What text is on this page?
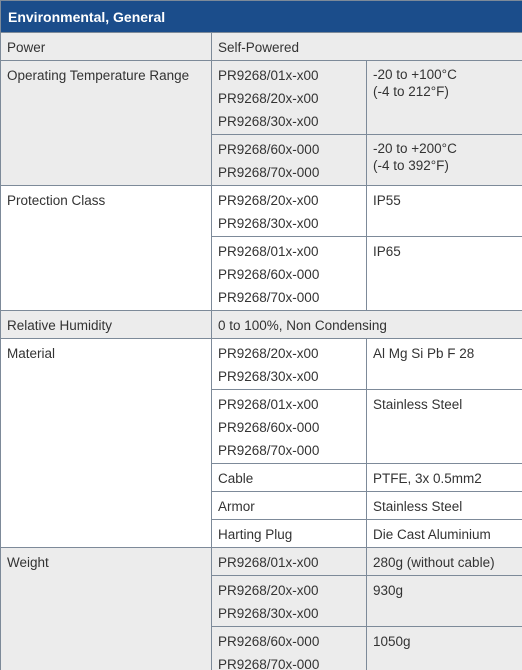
Environmental, General		

Power	Self-Powered	

Operating Temperature Range	PR9268/01x-x00
PR9268/20x-x00
PR9268/30x-x00	-20 to +100°C
(-4 to 212°F)

	PR9268/60x-000
PR9268/70x-000	-20 to +200°C
(-4 to 392°F)

Protection Class	PR9268/20x-x00
PR9268/30x-x00	IP55

	PR9268/01x-x00
PR9268/60x-000
PR9268/70x-000	IP65

Relative Humidity	0 to 100%, Non Condensing	

Material	PR9268/20x-x00
PR9268/30x-x00	Al Mg Si Pb F 28

	PR9268/01x-x00
PR9268/60x-000
PR9268/70x-000	Stainless Steel

	Cable	PTFE, 3x 0.5mm2

	Armor	Stainless Steel

	Harting Plug	Die Cast Aluminium

Weight	PR9268/01x-x00	280g (without cable)

	PR9268/20x-x00
PR9268/30x-x00	930g

	PR9268/60x-000
PR9268/70x-000	1050g
